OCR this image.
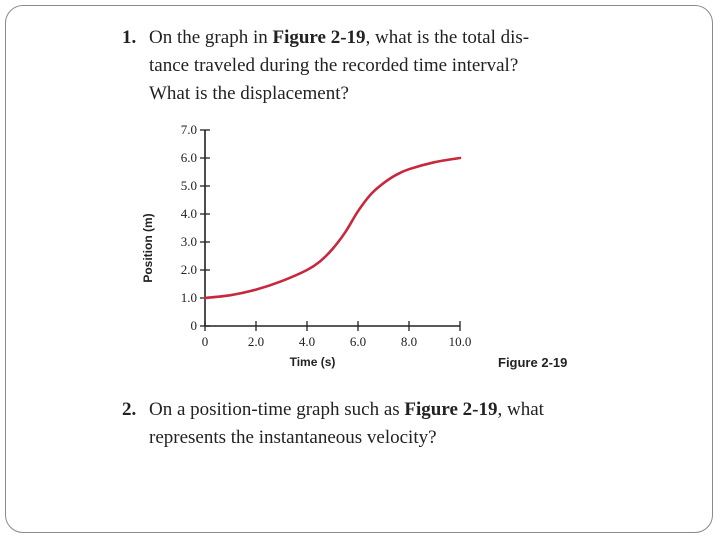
1. On the graph in Figure 2-19, what is the total dis-
tance traveled during the recorded time interval?
What is the displacement?
0
1.0
2.0
3.0
4.0
5.0
6.0
7.0
0	2.0	4.0	6.0	8.0 10.0
Time (s)
Position (m)
Figure 2-19
2. On a position-time graph such as Figure 2-19, what
represents the instantaneous velocity?
